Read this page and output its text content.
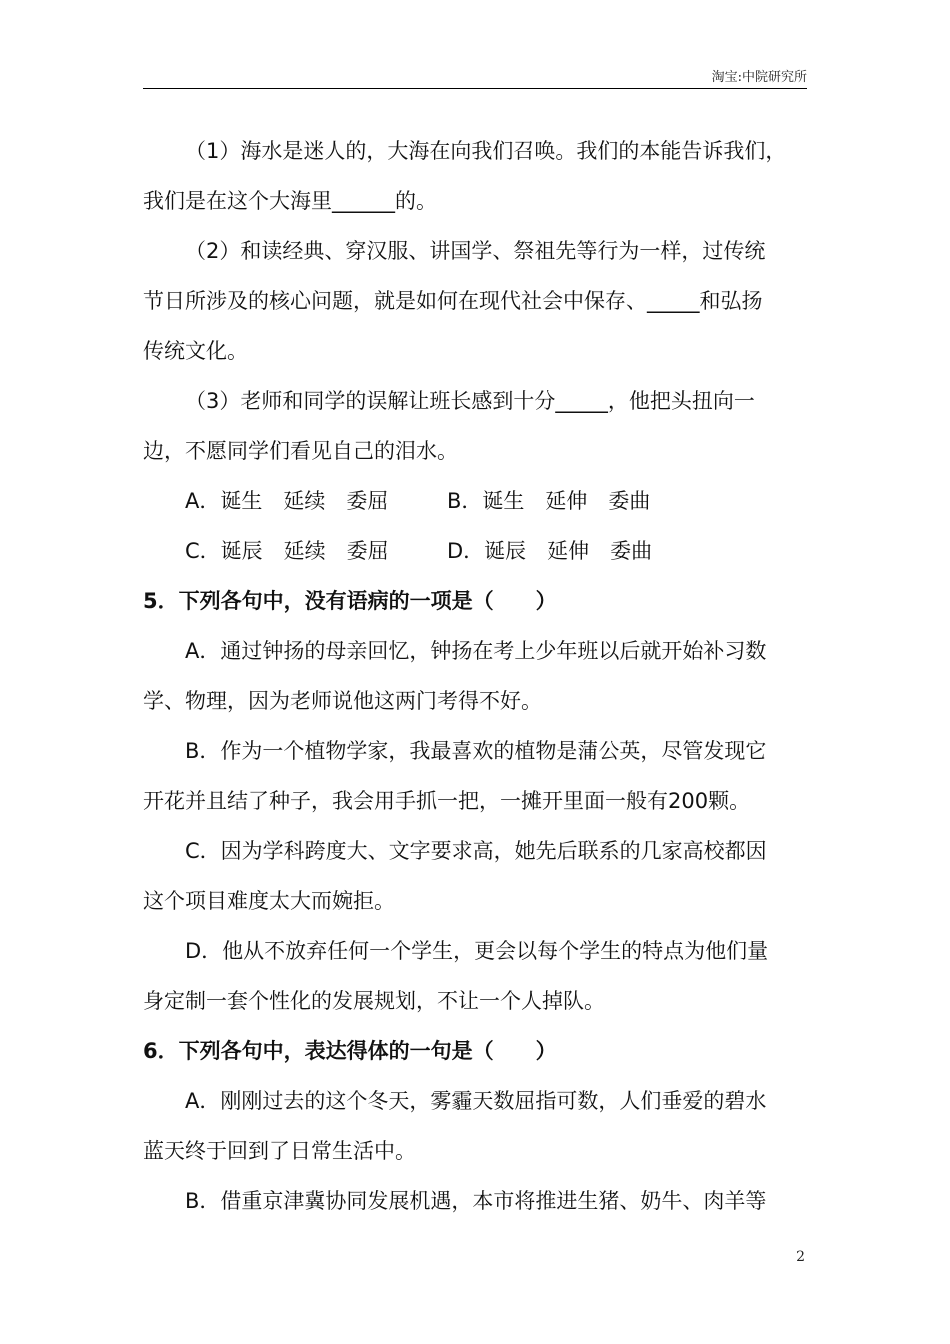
淘宝:中院研究所
（1）海水是迷人的，大海在向我们召唤。我们的本能告诉我们，
我们是在这个大海里______的。
（2）和读经典、穿汉服、讲国学、祭祖先等行为一样，过传统
节日所涉及的核心问题，就是如何在现代社会中保存、_____和弘扬
传统文化。
（3）老师和同学的误解让班长感到十分_____，他把头扭向一
边，不愿同学们看见自己的泪水。
A．诞生　延续　委屈	B．诞生　延伸　委曲
C．诞辰　延续　委屈	D．诞辰　延伸　委曲
5．下列各句中，没有语病的一项是（　　）
A．通过钟扬的母亲回忆，钟扬在考上少年班以后就开始补习数
学、物理，因为老师说他这两门考得不好。
B．作为一个植物学家，我最喜欢的植物是蒲公英，尽管发现它
开花并且结了种子，我会用手抓一把，一摊开里面一般有200颗。
C．因为学科跨度大、文字要求高，她先后联系的几家高校都因
这个项目难度太大而婉拒。
D．他从不放弃任何一个学生，更会以每个学生的特点为他们量
身定制一套个性化的发展规划，不让一个人掉队。
6．下列各句中，表达得体的一句是（　　）
A．刚刚过去的这个冬天，雾霾天数屈指可数，人们垂爱的碧水
蓝天终于回到了日常生活中。
B．借重京津冀协同发展机遇，本市将推进生猪、奶牛、肉羊等
2
